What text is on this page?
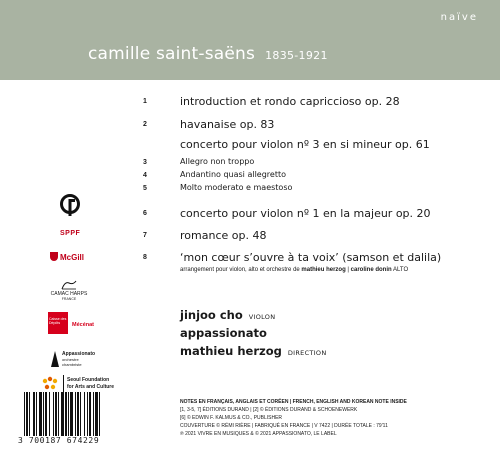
naïve
camille saint-saëns 1835-1921
1	introduction et rondo capriccioso op. 28
2	havanaise op. 83
concerto pour violon nº 3 en si mineur op. 61
3	Allegro non troppo
4	Andantino quasi allegretto
5	Molto moderato e maestoso
6	concerto pour violon nº 1 en la majeur op. 20
7	romance op. 48
8	‘mon cœur s’ouvre à ta voix’ (samson et dalila)
arrangement pour violon, alto et orchestre de mathieu herzog | caroline donin ALTO
jinjoo cho VIOLON
appassionato
mathieu herzog DIRECTION
NOTES EN FRANÇAIS, ANGLAIS ET CORÉEN | FRENCH, ENGLISH AND KOREAN NOTE INSIDE
[1, 3-5, 7] ÉDITIONS DURAND | [2] © ÉDITIONS DURAND & SCHOENEWERK
[6] © EDWIN F. KALMUS & CO., PUBLISHER
COUVERTURE © RÉMI RIÈRE | FABRIQUÉ EN FRANCE | V 7422 | DURÉE TOTALE : 79'11
℗ 2021 VIVRE EN MUSIQUES & © 2021 APPASSIONATO, LE LABEL
SPPF
McGill
CAMAC HARPS
FRANCE
Caisse des Dépôts	Mécénat
Appassionato
orchestre
chambriste
Seoul Foundation
for Arts and Culture
3 700187 674229
